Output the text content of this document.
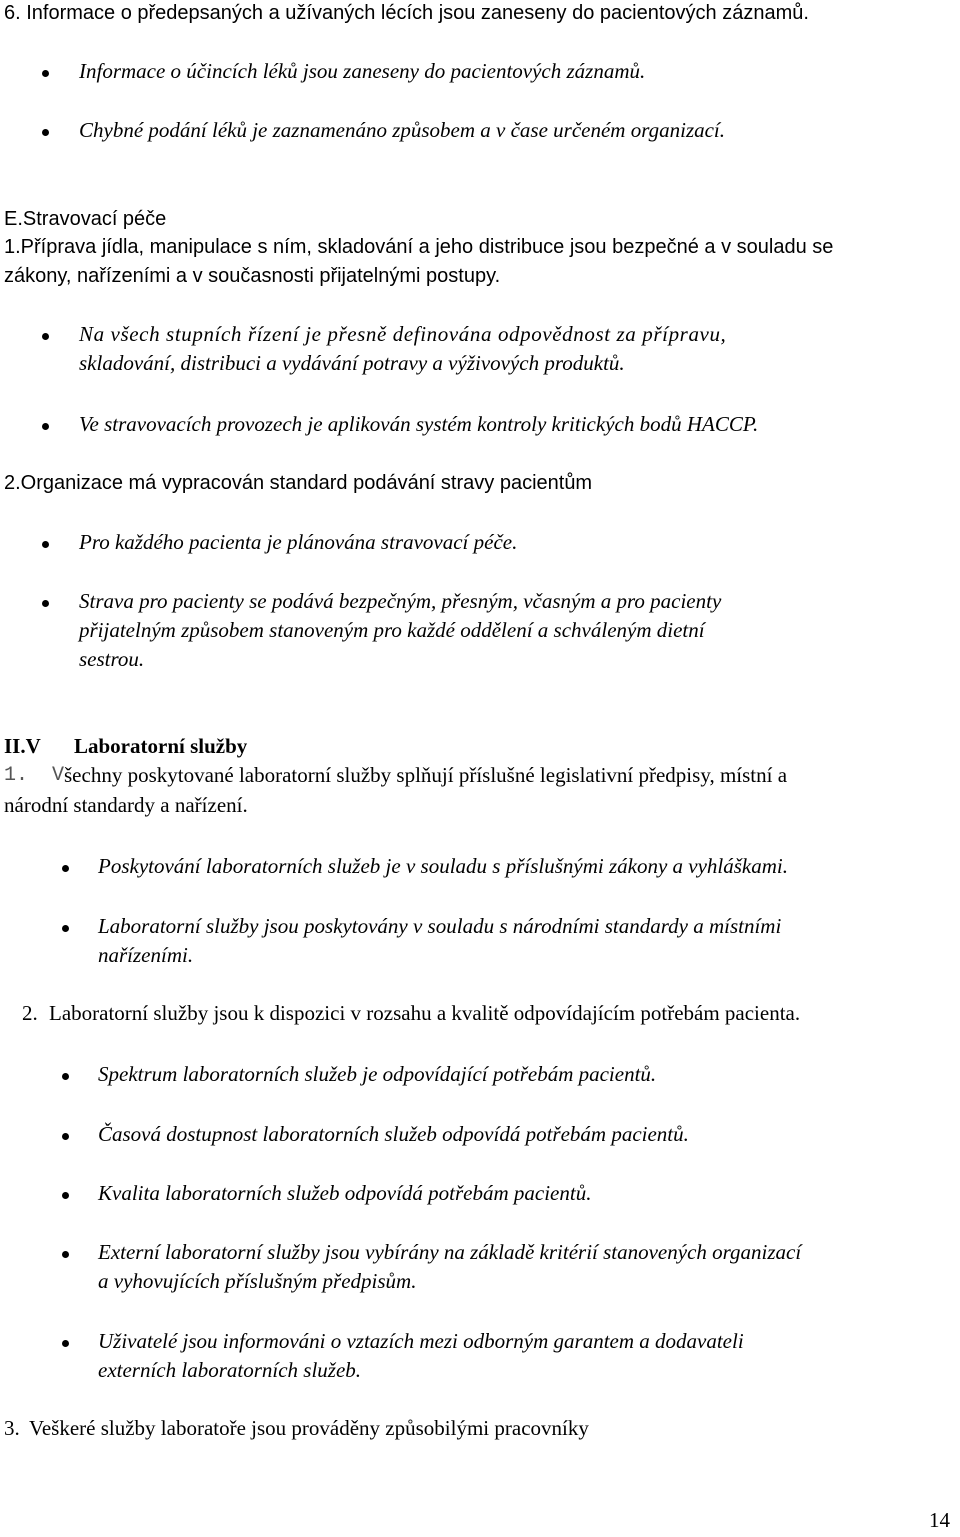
6. Informace o předepsaných a užívaných lécích jsou zaneseny do pacientových záznamů.
Informace o účincích léků jsou zaneseny do pacientových záznamů.
Chybné podání léků je zaznamenáno způsobem a v čase určeném organizací.
E.Stravovací péče
1.Příprava jídla, manipulace s ním, skladování a jeho distribuce jsou bezpečné a v souladu se
zákony, nařízeními a v současnosti přijatelnými postupy.
Na všech stupních řízení je přesně definována odpovědnost za přípravu,
skladování, distribuci a vydávání potravy a výživových produktů.
Ve stravovacích provozech je aplikován systém kontroly kritických bodů HACCP.
2.Organizace má vypracován standard podávání stravy pacientům
Pro každého pacienta je plánována stravovací péče.
Strava pro pacienty se podává bezpečným, přesným, včasným a pro pacienty
přijatelným způsobem stanoveným pro každé oddělení a schváleným dietní
sestrou.
II.V Laboratorní služby
1. V šechny poskytované laboratorní služby splňují příslušné legislativní předpisy, místní a
národní standardy a nařízení.
Poskytování laboratorních služeb je v souladu s příslušnými zákony a vyhláškami.
Laboratorní služby jsou poskytovány v souladu s národními standardy a místními
nařízeními.
2. Laboratorní služby jsou k dispozici v rozsahu a kvalitě odpovídajícím potřebám pacienta.
Spektrum laboratorních služeb je odpovídající potřebám pacientů.
Časová dostupnost laboratorních služeb odpovídá potřebám pacientů.
Kvalita laboratorních služeb odpovídá potřebám pacientů.
Externí laboratorní služby jsou vybírány na základě kritérií stanovených organizací
a vyhovujících příslušným předpisům.
Uživatelé jsou informováni o vztazích mezi odborným garantem a dodavateli
externích laboratorních služeb.
3. Veškeré služby laboratoře jsou prováděny způsobilými pracovníky
14
